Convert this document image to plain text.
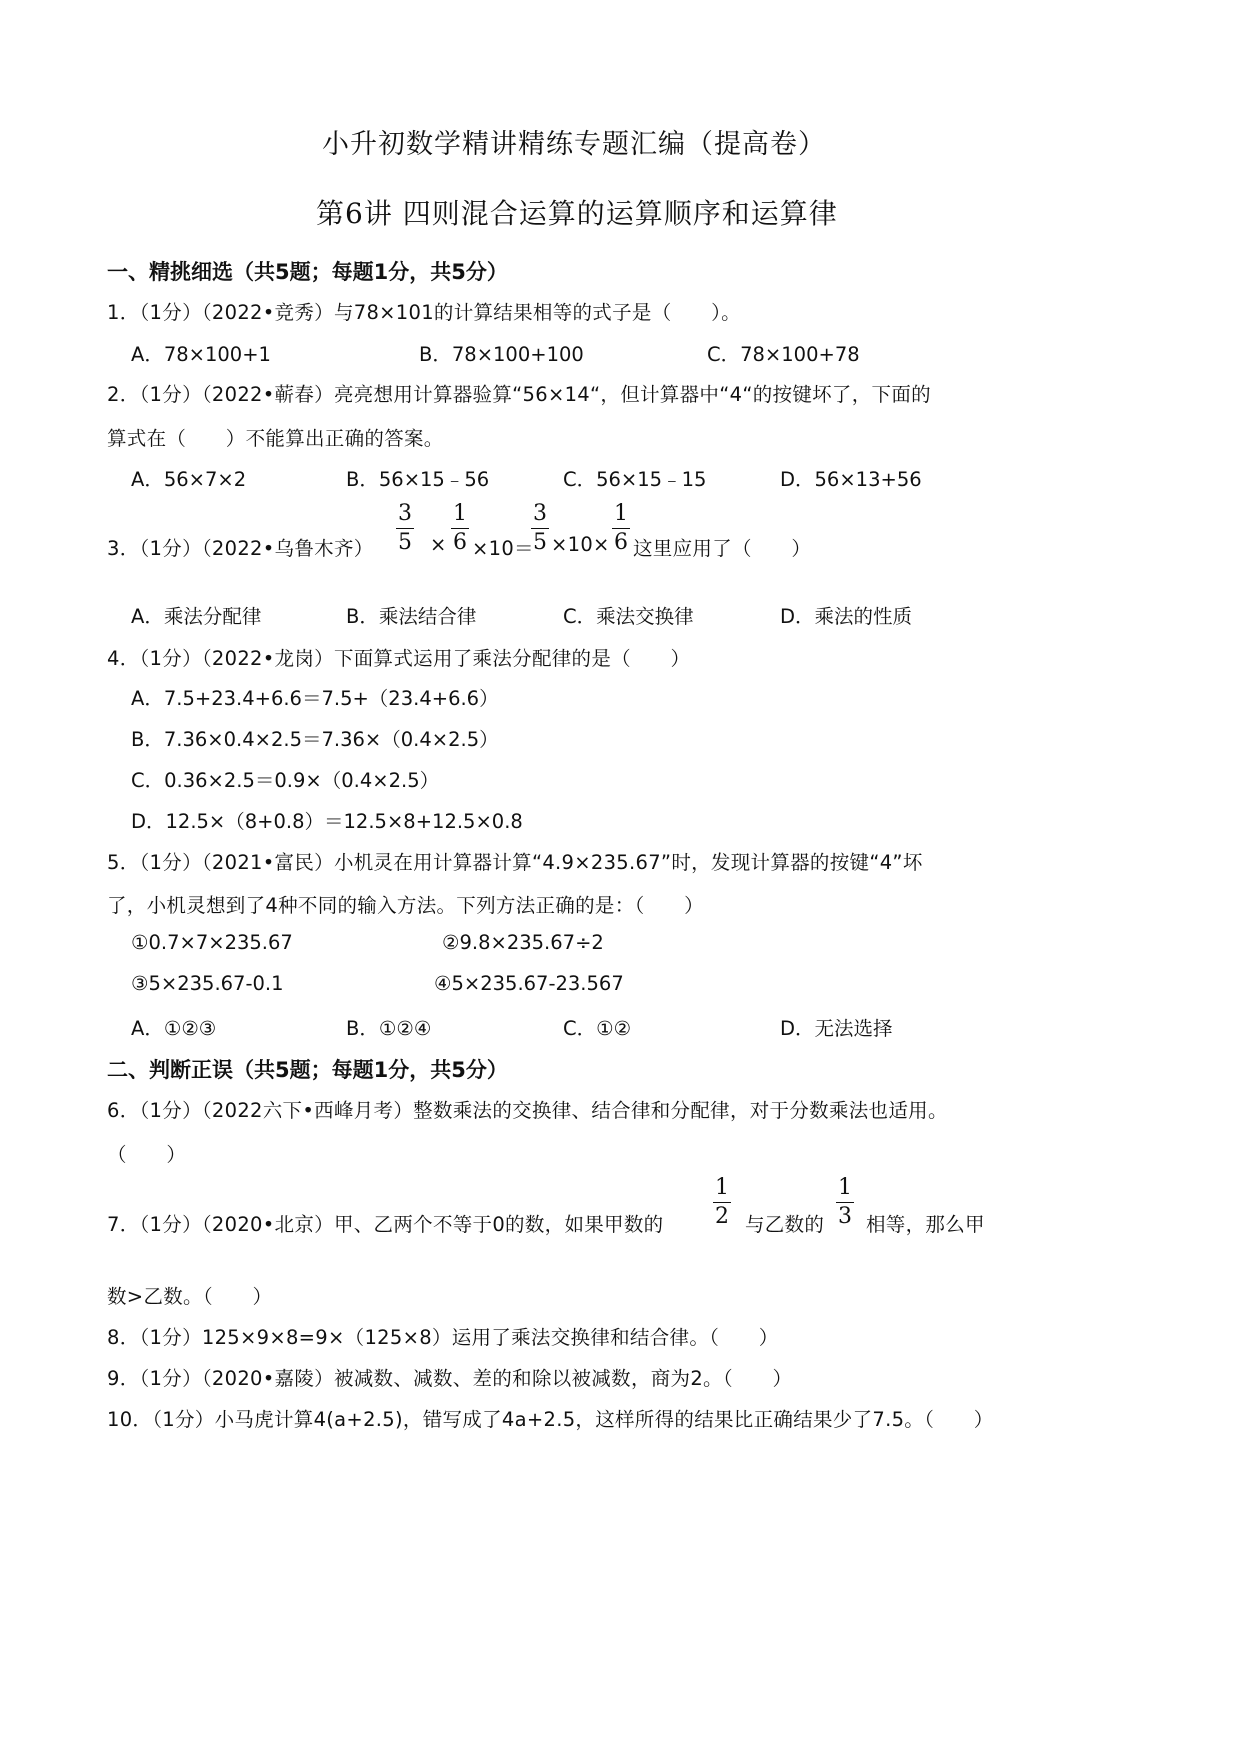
小升初数学精讲精练专题汇编（提高卷）
第6讲 四则混合运算的运算顺序和运算律
一、精挑细选（共5题；每题1分，共5分）
1．（1分）（2022•竞秀）与78×101的计算结果相等的式子是（　　）。
A．78×100+1	B．78×100+100	C．78×100+78
2．（1分）（2022•蕲春）亮亮想用计算器验算“56×14“，但计算器中“4“的按键坏了，下面的
算式在（　　）不能算出正确的答案。
A．56×7×2	B．56×15﹣56	C．56×15﹣15	D．56×13+56
3．（1分）（2022•乌鲁木齐）
3
5 ×
1
6 ×10＝
3
5 ×10×
1
6 这里应用了（　　）
A．乘法分配律	B．乘法结合律	C．乘法交换律	D．乘法的性质
4．（1分）（2022•龙岗）下面算式运用了乘法分配律的是（　　）
A．7.5+23.4+6.6＝7.5+（23.4+6.6）
B．7.36×0.4×2.5＝7.36×（0.4×2.5）
C．0.36×2.5＝0.9×（0.4×2.5）
D．12.5×（8+0.8）＝12.5×8+12.5×0.8
5．（1分）（2021•富民）小机灵在用计算器计算“4.9×235.67”时，发现计算器的按键“4”坏
了，小机灵想到了4种不同的输入方法。下列方法正确的是：（　　）
①0.7×7×235.67	②9.8×235.67÷2
③5×235.67-0.1	④5×235.67-23.567
A．①②③	B．①②④	C．①②	D．无法选择
二、判断正误（共5题；每题1分，共5分）
6．（1分）（2022六下•西峰月考）整数乘法的交换律、结合律和分配律，对于分数乘法也适用。
（　　）
7．（1分）（2020•北京）甲、乙两个不等于0的数，如果甲数的
1
2 与乙数的
1
3 相等，那么甲
数>乙数。（　　）
8．（1分）125×9×8=9×（125×8）运用了乘法交换律和结合律。（　　）
9．（1分）（2020•嘉陵）被减数、减数、差的和除以被减数，商为2。（　　）
10．（1分）小马虎计算4(a+2.5)，错写成了4a+2.5，这样所得的结果比正确结果少了7.5。（　　）
